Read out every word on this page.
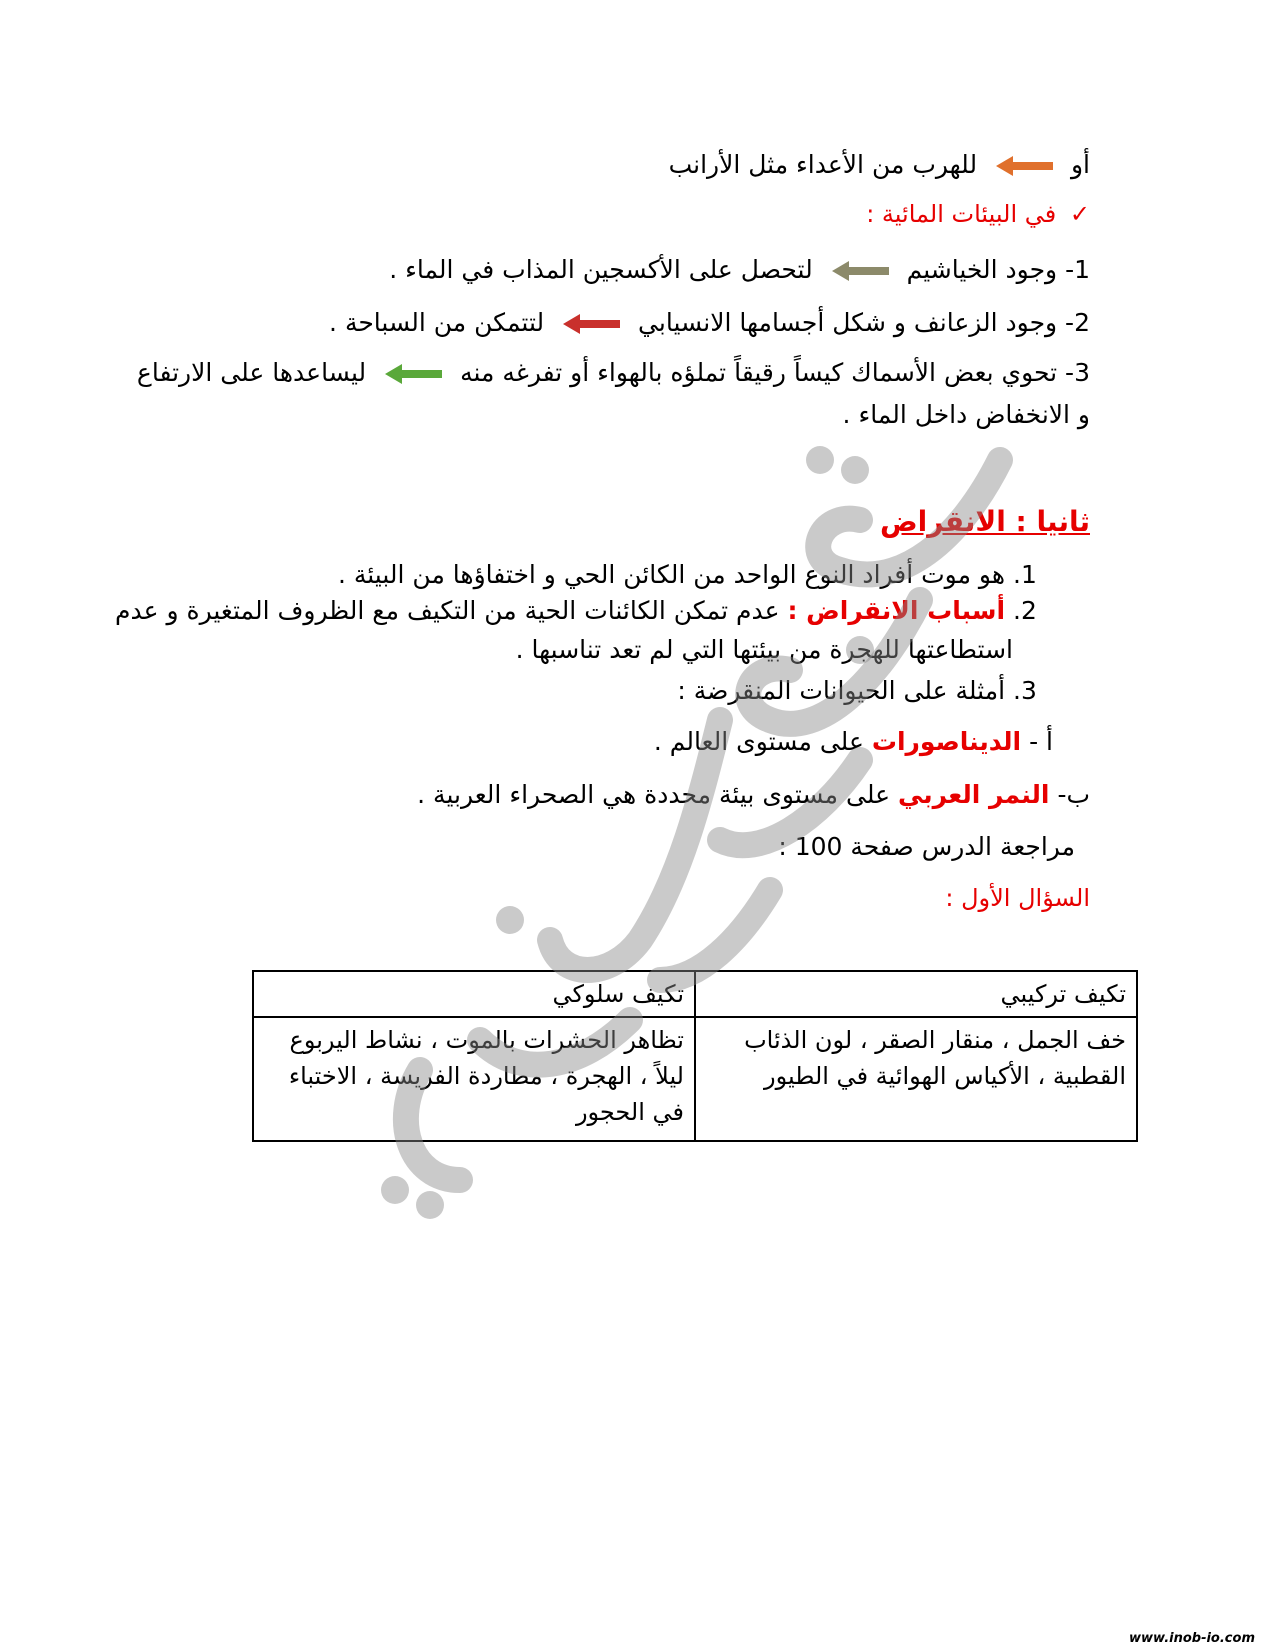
أو  للهرب من الأعداء مثل الأرانب
✓ في البيئات المائية :
1- وجود الخياشيم  لتحصل على الأكسجين المذاب في الماء .
2- وجود الزعانف و شكل أجسامها الانسيابي  لتتمكن من السباحة .
3- تحوي بعض الأسماك كيساً رقيقاً تملؤه بالهواء أو تفرغه منه  ليساعدها على الارتفاع
و الانخفاض داخل الماء .
ثانيا : الانقراض
1. هو موت أفراد النوع الواحد من الكائن الحي و اختفاؤها من البيئة .
2. أسباب الانقراض : عدم تمكن الكائنات الحية من التكيف مع الظروف المتغيرة و عدم
استطاعتها للهجرة من بيئتها التي لم تعد تناسبها .
3. أمثلة على الحيوانات المنقرضة :
أ - الديناصورات على مستوى العالم .
ب- النمر العربي على مستوى بيئة محددة هي الصحراء العربية .
مراجعة الدرس صفحة 100 :
السؤال الأول :
تكيف تركيبي	تكيف سلوكي
خف الجمل ، منقار الصقر ، لون الذئاب القطبية ، الأكياس الهوائية في الطيور	تظاهر الحشرات بالموت ، نشاط اليربوع ليلاً ، الهجرة ، مطاردة الفريسة ، الاختباء في الحجور
www.inob-io.com
